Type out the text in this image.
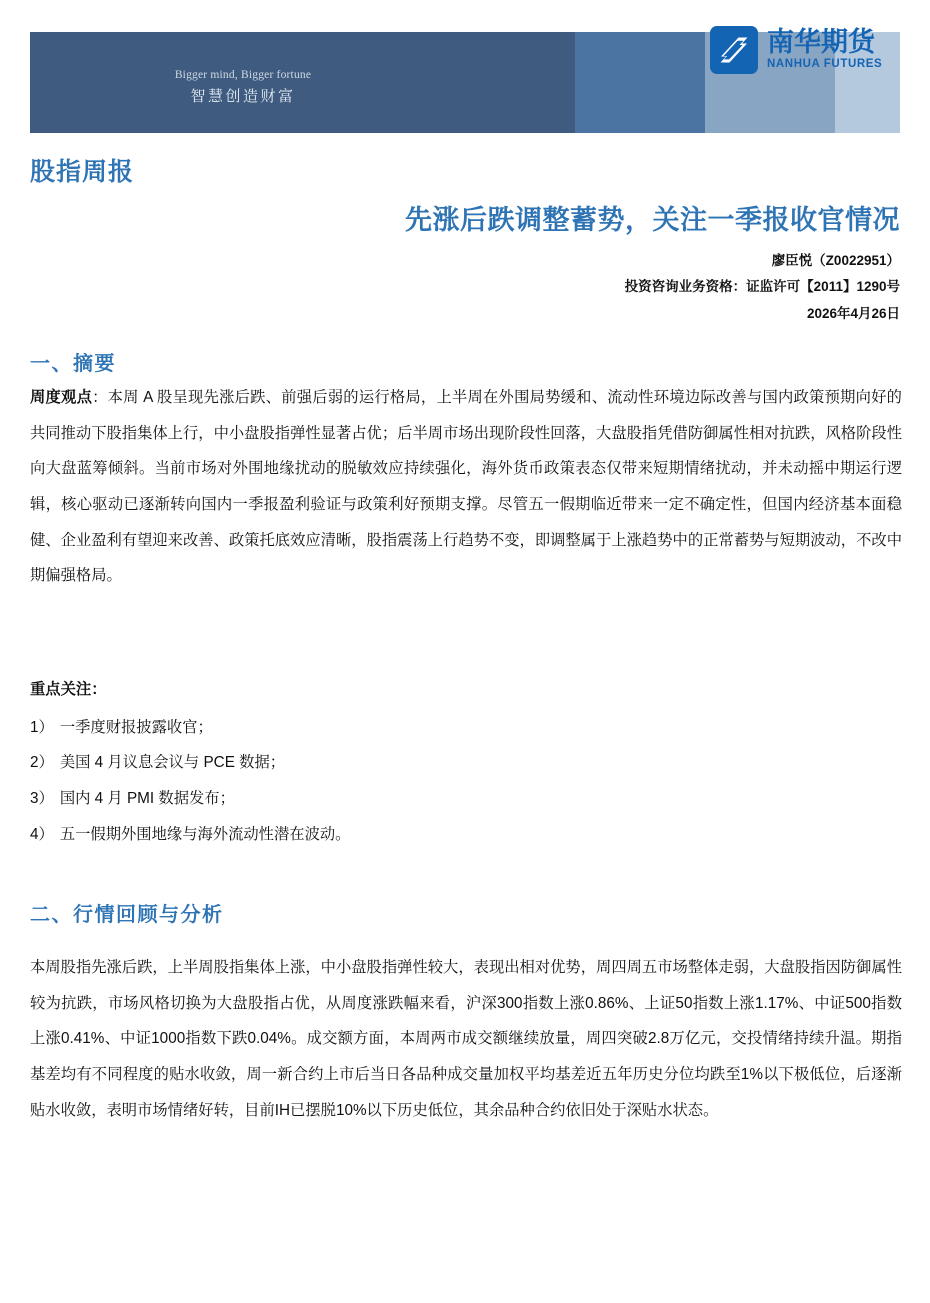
Bigger mind, Bigger fortune
智慧创造财富
南华期货
NANHUA FUTURES
股指周报
先涨后跌调整蓄势，关注一季报收官情况
廖臣悦（Z0022951）
投资咨询业务资格：证监许可【2011】1290号
2026年4月26日
一、摘要
周度观点：本周 A 股呈现先涨后跌、前强后弱的运行格局，上半周在外围局势缓和、流动性环境边际改善与国内政策预期向好的共同推动下股指集体上行，中小盘股指弹性显著占优；后半周市场出现阶段性回落，大盘股指凭借防御属性相对抗跌，风格阶段性向大盘蓝筹倾斜。当前市场对外围地缘扰动的脱敏效应持续强化，海外货币政策表态仅带来短期情绪扰动，并未动摇中期运行逻辑，核心驱动已逐渐转向国内一季报盈利验证与政策利好预期支撑。尽管五一假期临近带来一定不确定性，但国内经济基本面稳健、企业盈利有望迎来改善、政策托底效应清晰，股指震荡上行趋势不变，即调整属于上涨趋势中的正常蓄势与短期波动，不改中期偏强格局。
重点关注：
1） 一季度财报披露收官；
2） 美国 4 月议息会议与 PCE 数据；
3） 国内 4 月 PMI 数据发布；
4） 五一假期外围地缘与海外流动性潜在波动。
二、行情回顾与分析
本周股指先涨后跌，上半周股指集体上涨，中小盘股指弹性较大，表现出相对优势，周四周五市场整体走弱，大盘股指因防御属性较为抗跌，市场风格切换为大盘股指占优，从周度涨跌幅来看，沪深300指数上涨0.86%、上证50指数上涨1.17%、中证500指数上涨0.41%、中证1000指数下跌0.04%。成交额方面，本周两市成交额继续放量，周四突破2.8万亿元，交投情绪持续升温。期指基差均有不同程度的贴水收敛，周一新合约上市后当日各品种成交量加权平均基差近五年历史分位均跌至1%以下极低位，后逐渐贴水收敛，表明市场情绪好转，目前IH已摆脱10%以下历史低位，其余品种合约依旧处于深贴水状态。
